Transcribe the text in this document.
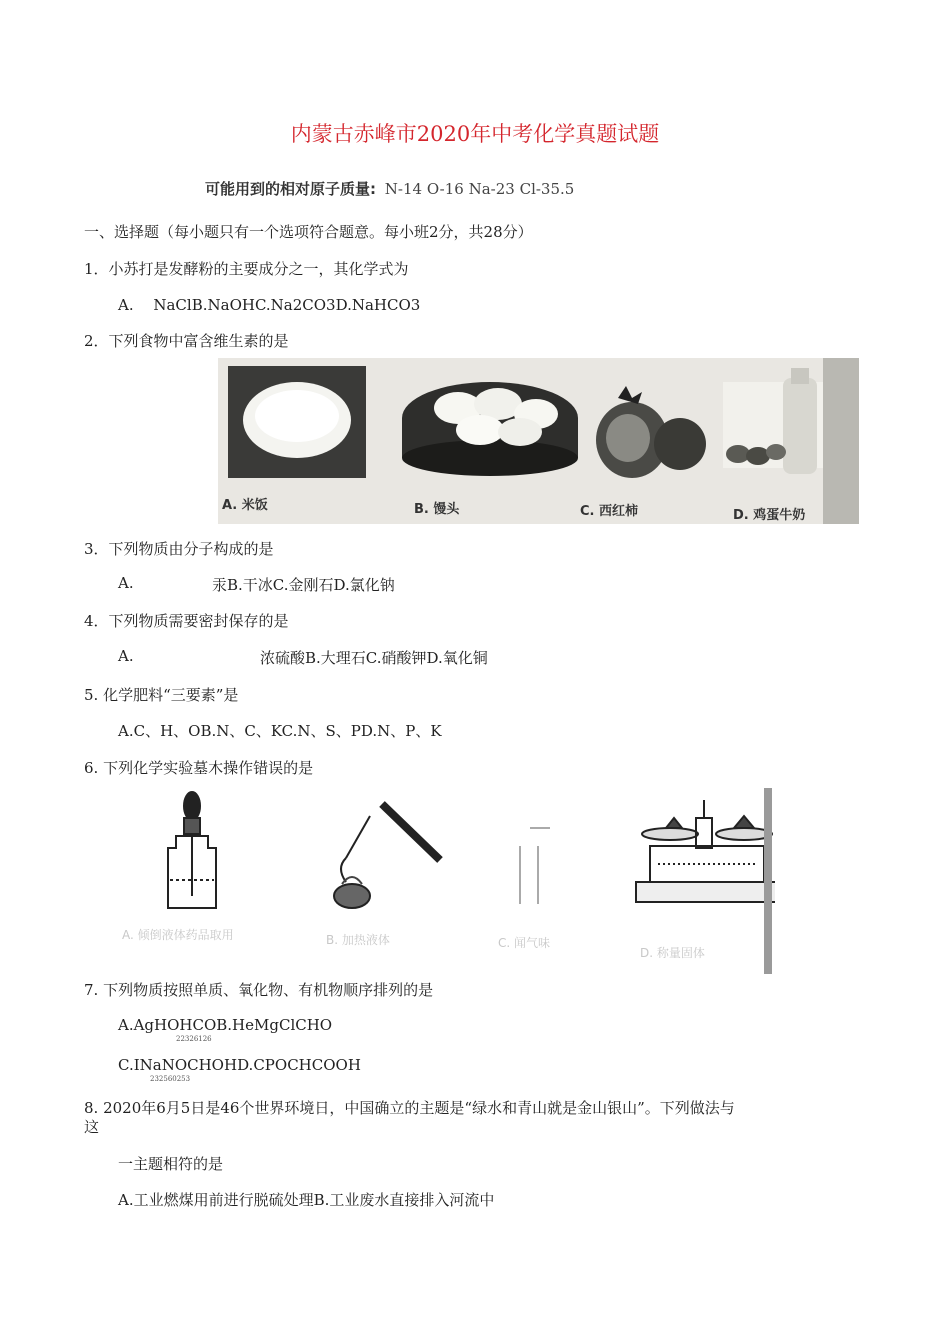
内蒙古赤峰市2020年中考化学真题试题
可能用到的相对原子质量: N-14 O-16 Na-23 Cl-35.5
一、选择题（每小题只有一个选项符合题意。每小班2分，共28分）
1．小苏打是发酵粉的主要成分之一，其化学式为
A.　 NaClB.NaOHC.Na2CO3D.NaHCO3
2．下列食物中富含维生素的是
A. 米饭	B. 馒头	C. 西红柿	D. 鸡蛋牛奶
3．下列物质由分子构成的是
A.	汞B.干冰C.金刚石D.氯化钠
4．下列物质需要密封保存的是
A.	浓硫酸B.大理石C.硝酸钾D.氧化铜
5. 化学肥料“三要素”是
A.C、H、OB.N、C、KC.N、S、PD.N、P、K
6. 下列化学实验墓木操作错误的是
A. 倾倒液体药品取用	B. 加热液体	C. 闻气味
D. 称量固体
7. 下列物质按照单质、氧化物、有机物顺序排列的是
A.AgHOHCOB.HeMgClCHO
22326126
C.INaNOCHOHD.CPOCHCOOH
232560253
8. 2020年6月5日是46个世界环境日，中国确立的主题是“绿水和青山就是金山银山”。下列做法与
这
一主题相符的是
A.工业燃煤用前进行脱硫处理B.工业废水直接排入河流中
